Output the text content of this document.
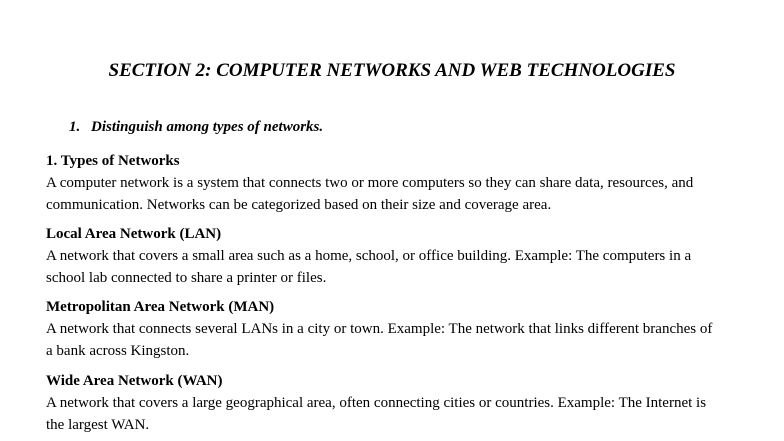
SECTION 2: COMPUTER NETWORKS AND WEB TECHNOLOGIES
1. Distinguish among types of networks.
1. Types of Networks
A computer network is a system that connects two or more computers so they can share data, resources, and
communication. Networks can be categorized based on their size and coverage area.
Local Area Network (LAN)
A network that covers a small area such as a home, school, or office building. Example: The computers in a
school lab connected to share a printer or files.
Metropolitan Area Network (MAN)
A network that connects several LANs in a city or town. Example: The network that links different branches of
a bank across Kingston.
Wide Area Network (WAN)
A network that covers a large geographical area, often connecting cities or countries. Example: The Internet is
the largest WAN.
